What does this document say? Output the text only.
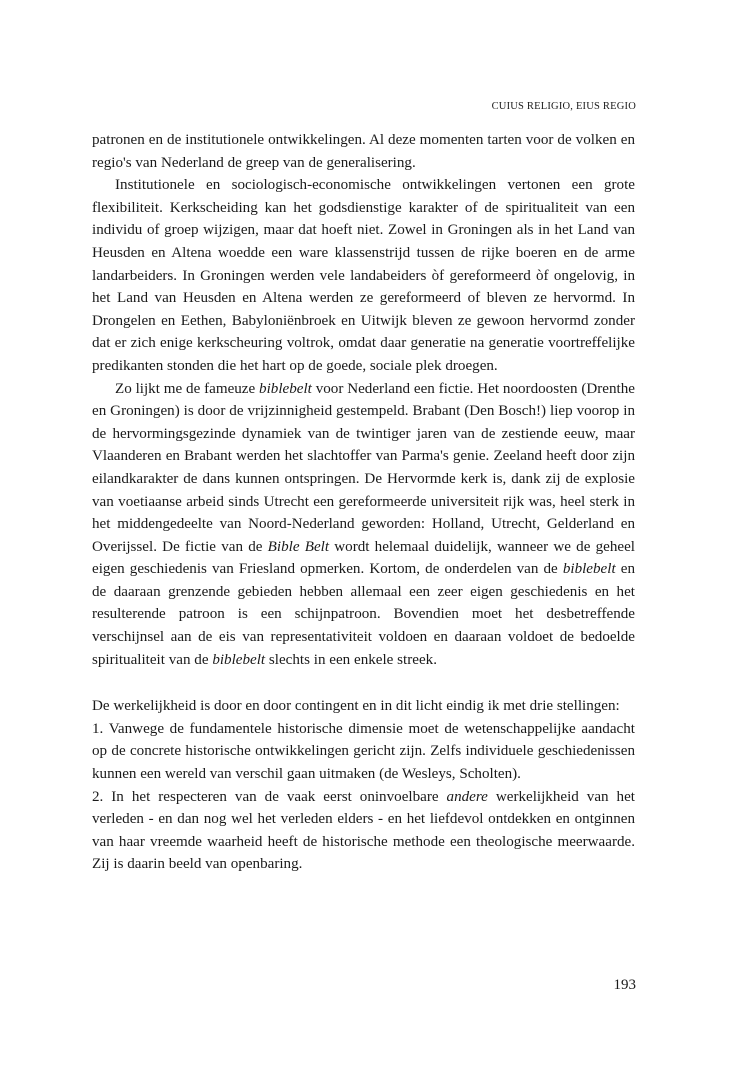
CUIUS RELIGIO, EIUS REGIO

patronen en de institutionele ontwikkelingen. Al deze momenten tarten voor de volken en regio's van Nederland de greep van de generalisering.

Institutionele en sociologisch-economische ontwikkelingen vertonen een grote flexibiliteit. Kerkscheiding kan het godsdienstige karakter of de spiritualiteit van een individu of groep wijzigen, maar dat hoeft niet. Zowel in Groningen als in het Land van Heusden en Altena woedde een ware klassenstrijd tussen de rijke boeren en de arme landarbeiders. In Groningen werden vele landabeiders òf gereformeerd òf ongelovig, in het Land van Heusden en Altena werden ze gereformeerd of bleven ze hervormd. In Drongelen en Eethen, Babyloniënbroek en Uitwijk bleven ze gewoon hervormd zonder dat er zich enige kerkscheuring voltrok, omdat daar generatie na generatie voortreffelijke predikanten stonden die het hart op de goede, sociale plek droegen.

Zo lijkt me de fameuze biblebelt voor Nederland een fictie. Het noordoosten (Drenthe en Groningen) is door de vrijzinnigheid gestempeld. Brabant (Den Bosch!) liep voorop in de hervormingsgezinde dynamiek van de twintiger jaren van de zestiende eeuw, maar Vlaanderen en Brabant werden het slachtoffer van Parma's genie. Zeeland heeft door zijn eilandkarakter de dans kunnen ontspringen. De Hervormde kerk is, dank zij de explosie van voetiaanse arbeid sinds Utrecht een gereformeerde universiteit rijk was, heel sterk in het middengedeelte van Noord-Nederland geworden: Holland, Utrecht, Gelderland en Overijssel. De fictie van de Bible Belt wordt helemaal duidelijk, wanneer we de geheel eigen geschiedenis van Friesland opmerken. Kortom, de onderdelen van de biblebelt en de daaraan grenzende gebieden hebben allemaal een zeer eigen geschiedenis en het resulterende patroon is een schijnpatroon. Bovendien moet het desbetreffende verschijnsel aan de eis van representativiteit voldoen en daaraan voldoet de bedoelde spiritualiteit van de biblebelt slechts in een enkele streek.

De werkelijkheid is door en door contingent en in dit licht eindig ik met drie stellingen:

1. Vanwege de fundamentele historische dimensie moet de wetenschappelijke aandacht op de concrete historische ontwikkelingen gericht zijn. Zelfs individuele geschiedenissen kunnen een wereld van verschil gaan uitmaken (de Wesleys, Scholten).

2. In het respecteren van de vaak eerst oninvoelbare andere werkelijkheid van het verleden - en dan nog wel het verleden elders - en het liefdevol ontdekken en ontginnen van haar vreemde waarheid heeft de historische methode een theologische meerwaarde. Zij is daarin beeld van openbaring.

193
